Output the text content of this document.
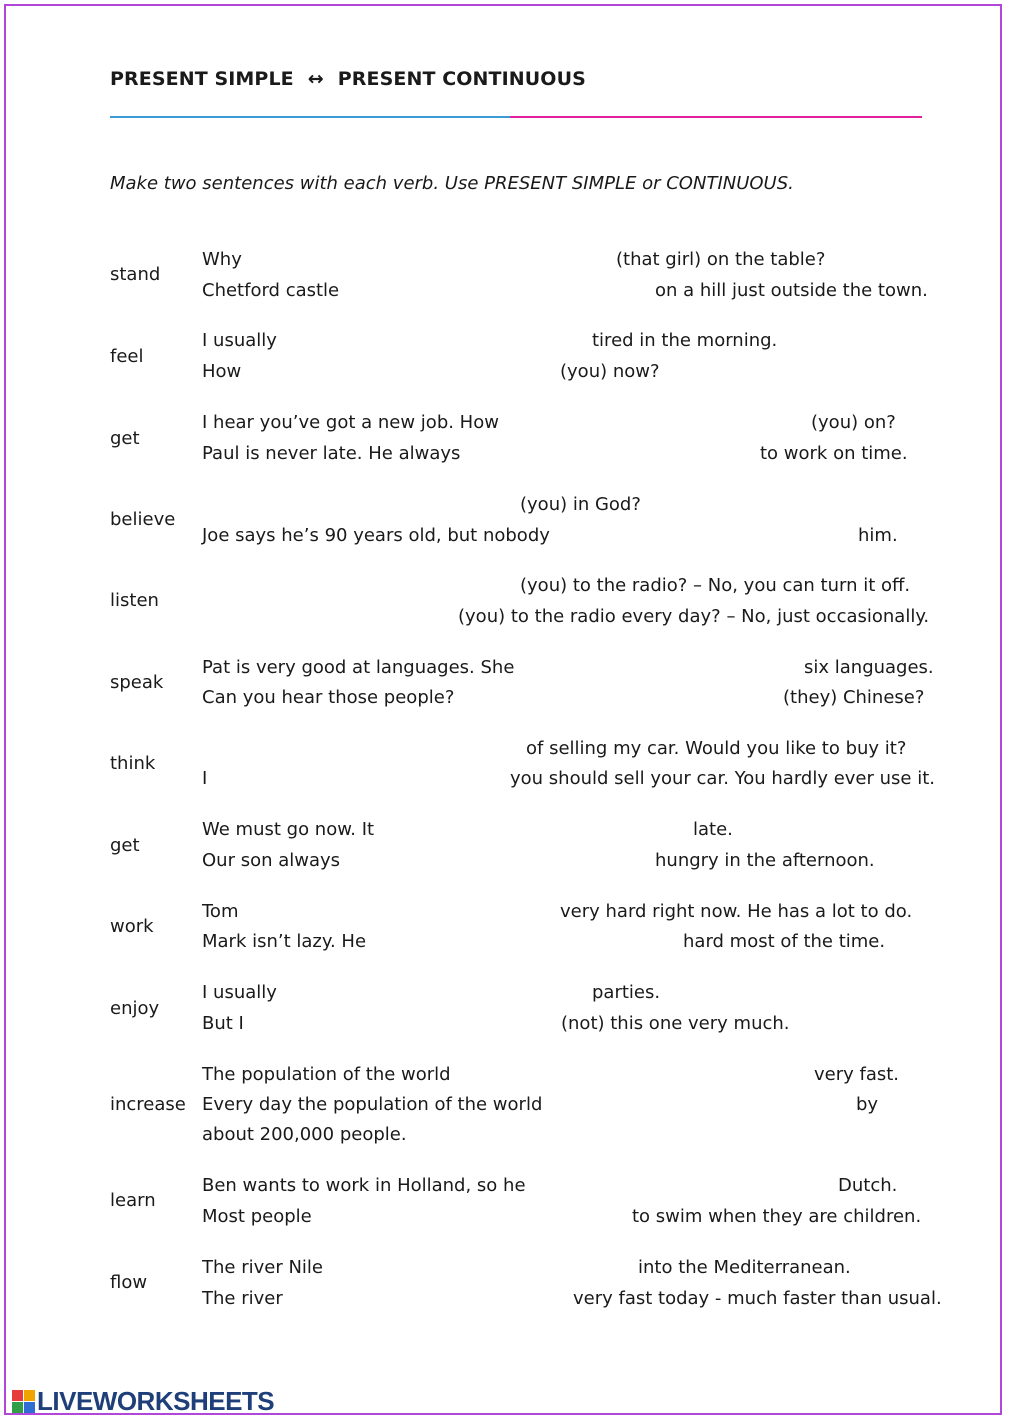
PRESENT SIMPLE ↔ PRESENT CONTINUOUS
Make two sentences with each verb. Use PRESENT SIMPLE or CONTINUOUS.
stand
Why	(that girl) on the table?
Chetford castle	on a hill just outside the town.
feel
I usually	tired in the morning.
How	(you) now?
get
I hear you’ve got a new job. How	(you) on?
Paul is never late. He always	to work on time.
believe
(you) in God?
Joe says he’s 90 years old, but nobody	him.
listen
(you) to the radio? – No, you can turn it off.
(you) to the radio every day? – No, just occasionally.
speak
Pat is very good at languages. She	six languages.
Can you hear those people?	(they) Chinese?
think
of selling my car. Would you like to buy it?
I	you should sell your car. You hardly ever use it.
get
We must go now. It	late.
Our son always	hungry in the afternoon.
work
Tom	very hard right now. He has a lot to do.
Mark isn’t lazy. He	hard most of the time.
enjoy
I usually	parties.
But I	(not) this one very much.
increase
The population of the world	very fast.
Every day the population of the world	by
about 200,000 people.
learn
Ben wants to work in Holland, so he	Dutch.
Most people	to swim when they are children.
flow
The river Nile	into the Mediterranean.
The river	very fast today - much faster than usual.
LIVEWORKSHEETS
